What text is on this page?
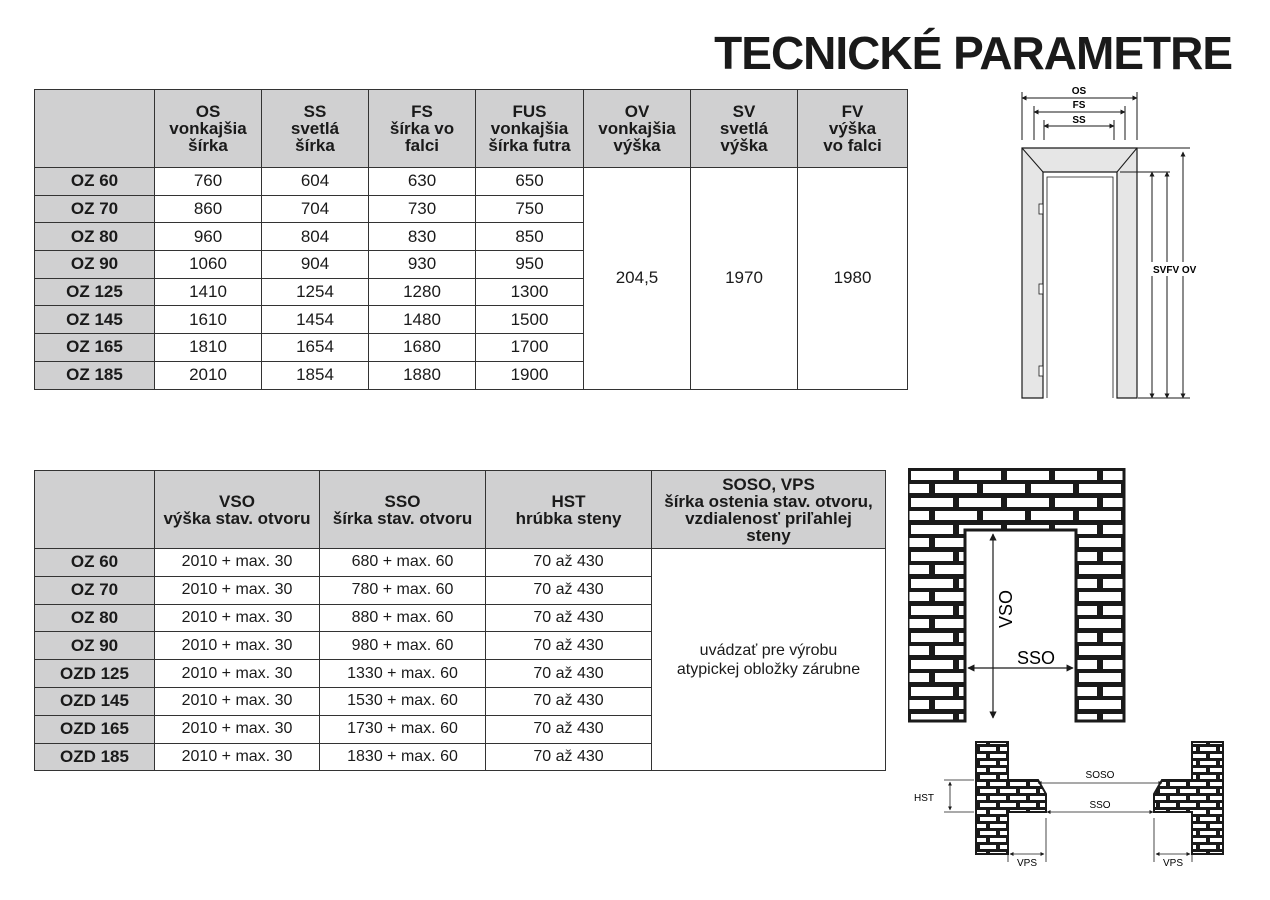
TECNICKÉ PARAMETRE

	OS
vonkajšia
šírka	SS
svetlá
šírka	FS
šírka vo
falci	FUS
vonkajšia
šírka futra	OV
vonkajšia
výška	SV
svetlá
výška	FV
výška
vo falci

OZ 60	760	604	630	650	204,5	1970	1980
OZ 70	860	704	730	750			
OZ 80	960	804	830	850			
OZ 90	1060	904	930	950			
OZ 125	1410	1254	1280	1300			
OZ 145	1610	1454	1480	1500			
OZ 165	1810	1654	1680	1700			
OZ 185	2010	1854	1880	1900			

	VSO
výška stav. otvoru	SSO
šírka stav. otvoru	HST
hrúbka steny	SOSO, VPS
šírka ostenia stav. otvoru,
vzdialenosť priľahlej
steny

OZ 60	2010 + max. 30	680 + max. 60	70 až 430	uvádzať pre výrobu
atypickej obložky zárubne

OZ 70	2010 + max. 30	780 + max. 60	70 až 430	
OZ 80	2010 + max. 30	880 + max. 60	70 až 430	
OZ 90	2010 + max. 30	980 + max. 60	70 až 430	
OZD 125	2010 + max. 30	1330 + max. 60	70 až 430	
OZD 145	2010 + max. 30	1530 + max. 60	70 až 430	
OZD 165	2010 + max. 30	1730 + max. 60	70 až 430	
OZD 185	2010 + max. 30	1830 + max. 60	70 až 430	
OS
FS
SS
SVFV OV
VSO
SSO
HST
SOSO
SSO
VPS	VPS
